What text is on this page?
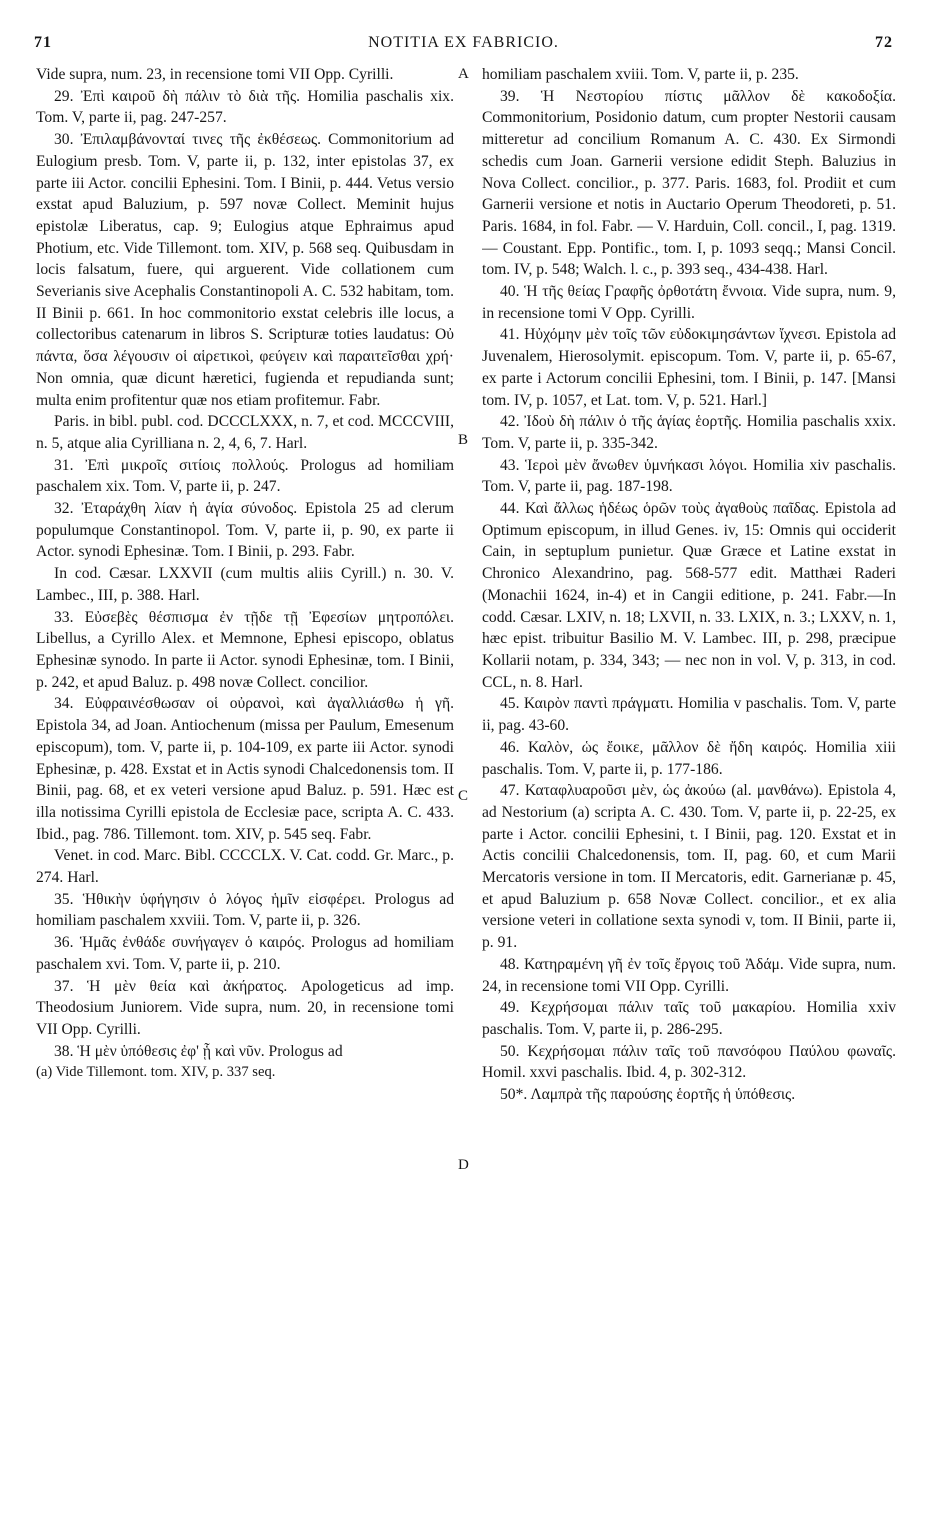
71	NOTITIA EX FABRICIO.	72
A
B
C
D

Vide supra, num. 23, in recensione tomi VII Opp. Cyrilli.

29. Ἐπὶ καιροῦ δὴ πάλιν τὸ διὰ τῆς. Homilia paschalis xix. Tom. V, parte ii, pag. 247-257.

30. Ἐπιλαμβάνονταί τινες τῆς ἐκθέσεως. Commonitorium ad Eulogium presb. Tom. V, parte ii, p. 132, inter epistolas 37, ex parte iii Actor. concilii Ephesini. Tom. I Binii, p. 444. Vetus versio exstat apud Baluzium, p. 597 novæ Collect. Meminit hujus epistolæ Liberatus, cap. 9; Eulogius atque Ephraimus apud Photium, etc. Vide Tillemont. tom. XIV, p. 568 seq. Quibusdam in locis falsatum, fuere, qui arguerent. Vide collationem cum Severianis sive Acephalis Constantinopoli A. C. 532 habitam, tom. II Binii p. 661. In hoc commonitorio exstat celebris ille locus, a collectoribus catenarum in libros S. Scripturæ toties laudatus: Οὐ πάντα, ὅσα λέγουσιν οἱ αἱρετικοὶ, φεύγειν καὶ παραιτεῖσθαι χρή· Non omnia, quæ dicunt hæretici, fugienda et repudianda sunt; multa enim profitentur quæ nos etiam profitemur. Fabr.

Paris. in bibl. publ. cod. DCCCLXXX, n. 7, et cod. MCCCVIII, n. 5, atque alia Cyrilliana n. 2, 4, 6, 7. Harl.

31. Ἐπὶ μικροῖς σιτίοις πολλούς. Prologus ad homiliam paschalem xix. Tom. V, parte ii, p. 247.

32. Ἐταράχθη λίαν ἡ ἁγία σύνοδος. Epistola 25 ad clerum populumque Constantinopol. Tom. V, parte ii, p. 90, ex parte ii Actor. synodi Ephesinæ. Tom. I Binii, p. 293. Fabr.

In cod. Cæsar. LXXVII (cum multis aliis Cyrill.) n. 30. V. Lambec., III, p. 388. Harl.

33. Εὐσεβὲς θέσπισμα ἐν τῇδε τῇ Ἐφεσίων μητροπόλει. Libellus, a Cyrillo Alex. et Memnone, Ephesi episcopo, oblatus Ephesinæ synodo. In parte ii Actor. synodi Ephesinæ, tom. I Binii, p. 242, et apud Baluz. p. 498 novæ Collect. concilior.

34. Εὐφραινέσθωσαν οἱ οὐρανοὶ, καὶ ἀγαλλιάσθω ἡ γῆ. Epistola 34, ad Joan. Antiochenum (missa per Paulum, Emesenum episcopum), tom. V, parte ii, p. 104-109, ex parte iii Actor. synodi Ephesinæ, p. 428. Exstat et in Actis synodi Chalcedonensis tom. II Binii, pag. 68, et ex veteri versione apud Baluz. p. 591. Hæc est illa notissima Cyrilli epistola de Ecclesiæ pace, scripta A. C. 433. Ibid., pag. 786. Tillemont. tom. XIV, p. 545 seq. Fabr.

Venet. in cod. Marc. Bibl. CCCCLX. V. Cat. codd. Gr. Marc., p. 274. Harl.

35. Ἡθικὴν ὑφήγησιν ὁ λόγος ἡμῖν εἰσφέρει. Prologus ad homiliam paschalem xxviii. Tom. V, parte ii, p. 326.

36. Ἡμᾶς ἐνθάδε συνήγαγεν ὁ καιρός. Prologus ad homiliam paschalem xvi. Tom. V, parte ii, p. 210.

37. Ἡ μὲν θεία καὶ ἀκήρατος. Apologeticus ad imp. Theodosium Juniorem. Vide supra, num. 20, in recensione tomi VII Opp. Cyrilli.

38. Ἡ μὲν ὑπόθεσις ἐφ' ᾗ καὶ νῦν. Prologus ad

(a) Vide Tillemont. tom. XIV, p. 337 seq.

homiliam paschalem xviii. Tom. V, parte ii, p. 235.

39. Ἡ Νεστορίου πίστις μᾶλλον δὲ κακοδοξία. Commonitorium, Posidonio datum, cum propter Nestorii causam mitteretur ad concilium Romanum A. C. 430. Ex Sirmondi schedis cum Joan. Garnerii versione edidit Steph. Baluzius in Nova Collect. concilior., p. 377. Paris. 1683, fol. Prodiit et cum Garnerii versione et notis in Auctario Operum Theodoreti, p. 51. Paris. 1684, in fol. Fabr. — V. Harduin, Coll. concil., I, pag. 1319. — Coustant. Epp. Pontific., tom. I, p. 1093 seqq.; Mansi Concil. tom. IV, p. 548; Walch. l. c., p. 393 seq., 434-438. Harl.

40. Ἡ τῆς θείας Γραφῆς ὀρθοτάτη ἔννοια. Vide supra, num. 9, in recensione tomi V Opp. Cyrilli.

41. Ηὐχόμην μὲν τοῖς τῶν εὐδοκιμησάντων ἴχνεσι. Epistola ad Juvenalem, Hierosolymit. episcopum. Tom. V, parte ii, p. 65-67, ex parte i Actorum concilii Ephesini, tom. I Binii, p. 147. [Mansi tom. IV, p. 1057, et Lat. tom. V, p. 521. Harl.]

42. Ἰδοὺ δὴ πάλιν ὁ τῆς ἁγίας ἑορτῆς. Homilia paschalis xxix. Tom. V, parte ii, p. 335-342.

43. Ἱεροὶ μὲν ἄνωθεν ὑμνήκασι λόγοι. Homilia xiv paschalis. Tom. V, parte ii, pag. 187-198.

44. Καὶ ἄλλως ἡδέως ὁρῶν τοὺς ἀγαθοὺς παῖδας. Epistola ad Optimum episcopum, in illud Genes. iv, 15: Omnis qui occiderit Cain, in septuplum punietur. Quæ Græce et Latine exstat in Chronico Alexandrino, pag. 568-577 edit. Matthæi Raderi (Monachii 1624, in-4) et in Cangii editione, p. 241. Fabr.—In codd. Cæsar. LXIV, n. 18; LXVII, n. 33. LXIX, n. 3.; LXXV, n. 1, hæc epist. tribuitur Basilio M. V. Lambec. III, p. 298, præcipue Kollarii notam, p. 334, 343; — nec non in vol. V, p. 313, in cod. CCL, n. 8. Harl.

45. Καιρὸν παντὶ πράγματι. Homilia v paschalis. Tom. V, parte ii, pag. 43-60.

46. Καλὸν, ὡς ἔοικε, μᾶλλον δὲ ἤδη καιρός. Homilia xiii paschalis. Tom. V, parte ii, p. 177-186.

47. Καταφλυαροῦσι μὲν, ὡς ἀκούω (al. μανθάνω). Epistola 4, ad Nestorium (a) scripta A. C. 430. Tom. V, parte ii, p. 22-25, ex parte i Actor. concilii Ephesini, t. I Binii, pag. 120. Exstat et in Actis concilii Chalcedonensis, tom. II, pag. 60, et cum Marii Mercatoris versione in tom. II Mercatoris, edit. Garnerianæ p. 45, et apud Baluzium p. 658 Novæ Collect. concilior., et ex alia versione veteri in collatione sexta synodi v, tom. II Binii, parte ii, p. 91.

48. Κατηραμένη γῆ ἐν τοῖς ἔργοις τοῦ Ἀδάμ. Vide supra, num. 24, in recensione tomi VII Opp. Cyrilli.

49. Κεχρήσομαι πάλιν ταῖς τοῦ μακαρίου. Homilia xxiv paschalis. Tom. V, parte ii, p. 286-295.

50. Κεχρήσομαι πάλιν ταῖς τοῦ πανσόφου Παύλου φωναῖς. Homil. xxvi paschalis. Ibid. 4, p. 302-312.

50*. Λαμπρὰ τῆς παρούσης ἑορτῆς ἡ ὑπόθεσις.
